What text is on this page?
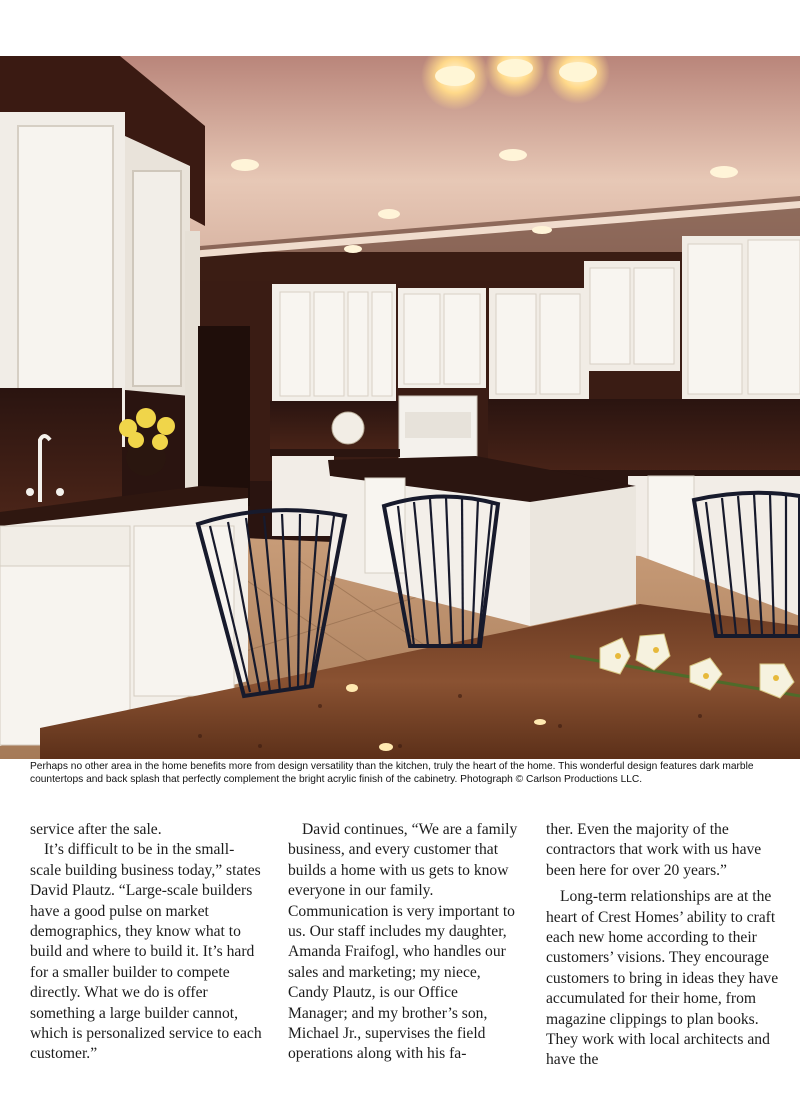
Perhaps no other area in the home benefits more from design versatility than the kitchen, truly the heart of the home. This wonderful design features dark marble countertops and back splash that perfectly complement the bright acrylic finish of the cabinetry. Photograph © Carlson Productions LLC.

service after the sale.

It’s difficult to be in the small-scale building business today,” states David Plautz. “Large-scale builders have a good pulse on market demographics, they know what to build and where to build it. It’s hard for a smaller builder to compete directly. What we do is offer something a large builder cannot, which is personalized service to each customer.”

David continues, “We are a family business, and every customer that builds a home with us gets to know everyone in our family. Communication is very important to us. Our staff includes my daughter, Amanda Fraifogl, who handles our sales and marketing; my niece, Candy Plautz, is our Office Manager; and my brother’s son, Michael Jr., supervises the field operations along with his fa-

ther. Even the majority of the contractors that work with us have been here for over 20 years.”

Long-term relationships are at the heart of Crest Homes’ ability to craft each new home according to their customers’ visions. They encourage customers to bring in ideas they have accumulated for their home, from magazine clippings to plan books. They work with local architects and have the
